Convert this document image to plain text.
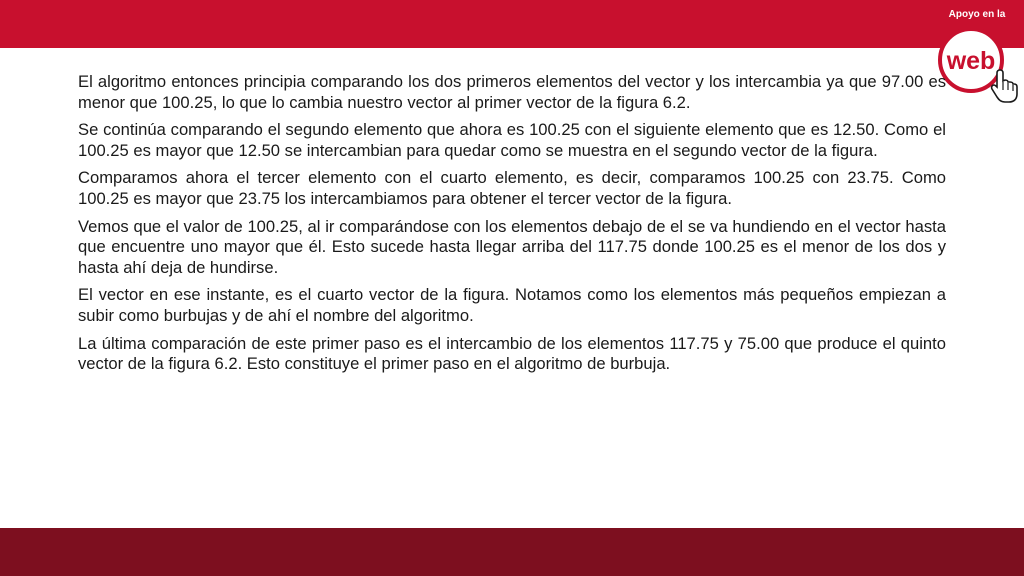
web
Apoyo en la

El algoritmo entonces principia comparando los dos primeros elementos del vector y los intercambia ya que 97.00 es menor que 100.25, lo que lo cambia nuestro vector al primer vector de la figura 6.2.

Se continúa comparando el segundo elemento que ahora es 100.25 con el siguiente elemento que es 12.50. Como el 100.25 es mayor que 12.50 se intercambian para quedar como se muestra en el segundo vector de la figura.

Comparamos ahora el tercer elemento con el cuarto elemento, es decir, comparamos 100.25 con 23.75. Como 100.25 es mayor que 23.75 los intercambiamos para obtener el tercer vector de la figura.

Vemos que el valor de 100.25, al ir comparándose con los elementos debajo de el se va hundiendo en el vector hasta que encuentre uno mayor que él. Esto sucede hasta llegar arriba del 117.75 donde 100.25 es el menor de los dos y hasta ahí deja de hundirse.

El vector en ese instante, es el cuarto vector de la figura. Notamos como los elementos más pequeños empiezan a subir como burbujas y de ahí el nombre del algoritmo.

La última comparación de este primer paso es el intercambio de los elementos 117.75 y 75.00 que produce el quinto vector de la figura 6.2. Esto constituye el primer paso en el algoritmo de burbuja.
